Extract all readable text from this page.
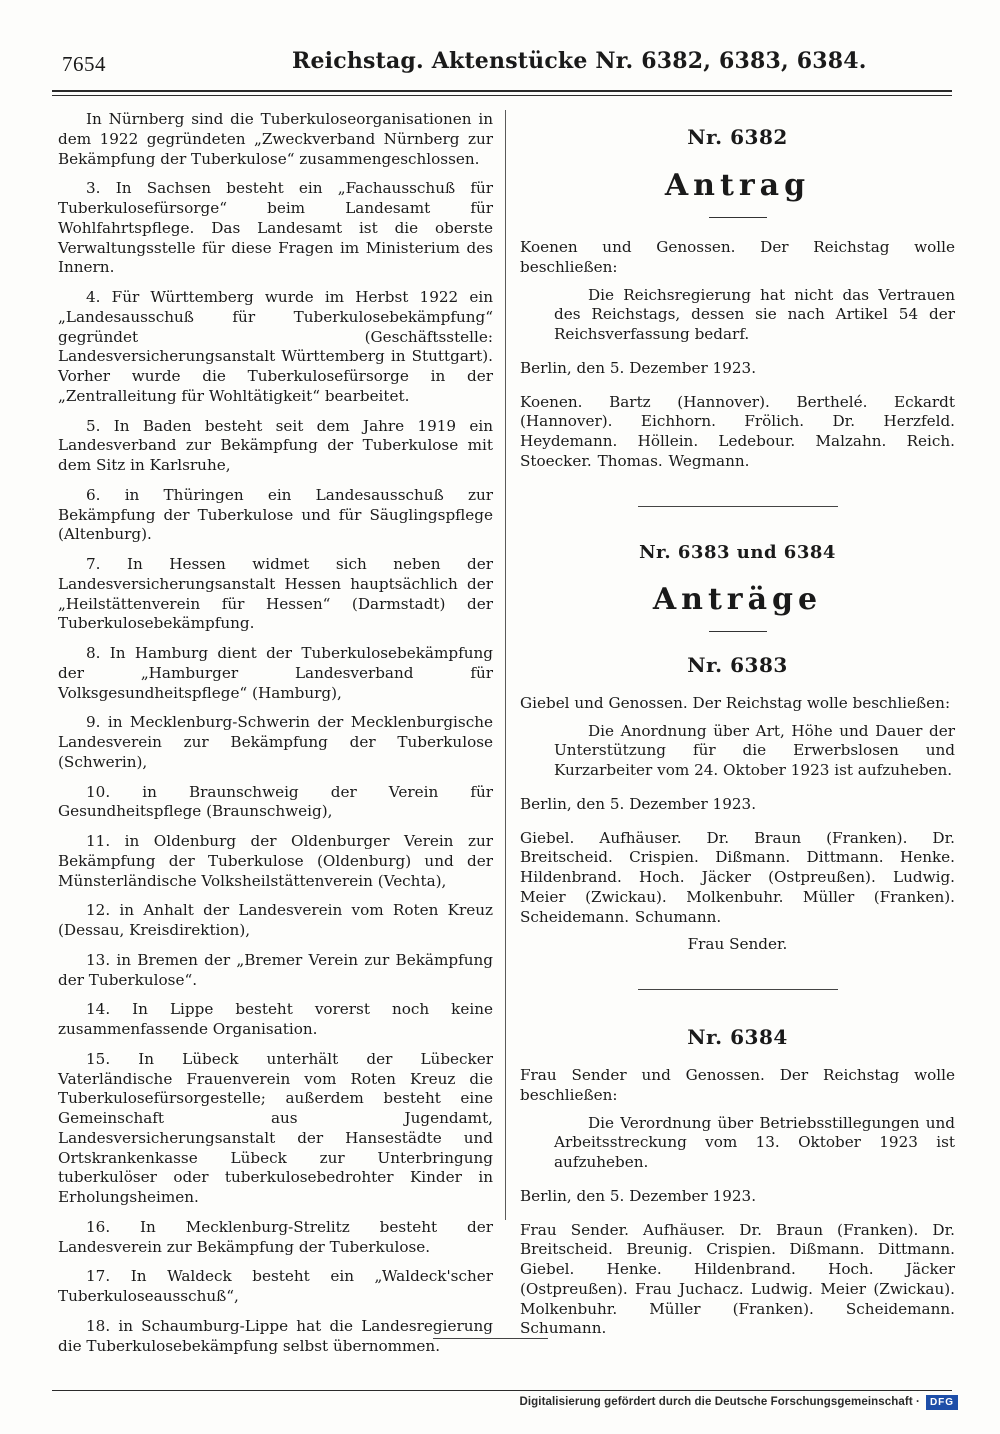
7654	Reichstag. Aktenstücke Nr. 6382, 6383, 6384.

In Nürnberg sind die Tuberkuloseorganisationen in dem 1922 gegründeten „Zweckverband Nürnberg zur Bekämpfung der Tuberkulose“ zusammengeschlossen.

3. In Sachsen besteht ein „Fachausschuß für Tuberkulosefürsorge“ beim Landesamt für Wohlfahrtspflege. Das Landesamt ist die oberste Verwaltungsstelle für diese Fragen im Ministerium des Innern.

4. Für Württemberg wurde im Herbst 1922 ein „Landesausschuß für Tuberkulosebekämpfung“ gegründet (Geschäftsstelle: Landesversicherungsanstalt Württemberg in Stuttgart). Vorher wurde die Tuberkulosefürsorge in der „Zentralleitung für Wohltätigkeit“ bearbeitet.

5. In Baden besteht seit dem Jahre 1919 ein Landesverband zur Bekämpfung der Tuberkulose mit dem Sitz in Karlsruhe,

6. in Thüringen ein Landesausschuß zur Bekämpfung der Tuberkulose und für Säuglingspflege (Altenburg).

7. In Hessen widmet sich neben der Landesversicherungsanstalt Hessen hauptsächlich der „Heilstättenverein für Hessen“ (Darmstadt) der Tuberkulosebekämpfung.

8. In Hamburg dient der Tuberkulosebekämpfung der „Hamburger Landesverband für Volksgesundheitspflege“ (Hamburg),

9. in Mecklenburg-Schwerin der Mecklenburgische Landesverein zur Bekämpfung der Tuberkulose (Schwerin),

10. in Braunschweig der Verein für Gesundheitspflege (Braunschweig),

11. in Oldenburg der Oldenburger Verein zur Bekämpfung der Tuberkulose (Oldenburg) und der Münsterländische Volksheilstättenverein (Vechta),

12. in Anhalt der Landesverein vom Roten Kreuz (Dessau, Kreisdirektion),

13. in Bremen der „Bremer Verein zur Bekämpfung der Tuberkulose“.

14. In Lippe besteht vorerst noch keine zusammenfassende Organisation.

15. In Lübeck unterhält der Lübecker Vaterländische Frauenverein vom Roten Kreuz die Tuberkulosefürsorgestelle; außerdem besteht eine Gemeinschaft aus Jugendamt, Landesversicherungsanstalt der Hansestädte und Ortskrankenkasse Lübeck zur Unterbringung tuberkulöser oder tuberkulosebedrohter Kinder in Erholungsheimen.

16. In Mecklenburg-Strelitz besteht der Landesverein zur Bekämpfung der Tuberkulose.

17. In Waldeck besteht ein „Waldeck'scher Tuberkuloseausschuß“,

18. in Schaumburg-Lippe hat die Landesregierung die Tuberkulosebekämpfung selbst übernommen.

Nr. 6382
Antrag

Koenen und Genossen. Der Reichstag wolle beschließen:

Die Reichsregierung hat nicht das Vertrauen des Reichstags, dessen sie nach Artikel 54 der Reichsverfassung bedarf.

Berlin, den 5. Dezember 1923.

Koenen. Bartz (Hannover). Berthelé. Eckardt (Hannover). Eichhorn. Frölich. Dr. Herzfeld. Heydemann. Höllein. Ledebour. Malzahn. Reich. Stoecker. Thomas. Wegmann.

Nr. 6383 und 6384
Anträge
Nr. 6383

Giebel und Genossen. Der Reichstag wolle beschließen:

Die Anordnung über Art, Höhe und Dauer der Unterstützung für die Erwerbslosen und Kurzarbeiter vom 24. Oktober 1923 ist aufzuheben.

Berlin, den 5. Dezember 1923.

Giebel. Aufhäuser. Dr. Braun (Franken). Dr. Breitscheid. Crispien. Dißmann. Dittmann. Henke. Hildenbrand. Hoch. Jäcker (Ostpreußen). Ludwig. Meier (Zwickau). Molkenbuhr. Müller (Franken). Scheidemann. Schumann.

Frau Sender.

Nr. 6384

Frau Sender und Genossen. Der Reichstag wolle beschließen:

Die Verordnung über Betriebsstillegungen und Arbeitsstreckung vom 13. Oktober 1923 ist aufzuheben.

Berlin, den 5. Dezember 1923.

Frau Sender. Aufhäuser. Dr. Braun (Franken). Dr. Breitscheid. Breunig. Crispien. Dißmann. Dittmann. Giebel. Henke. Hildenbrand. Hoch. Jäcker (Ostpreußen). Frau Juchacz. Ludwig. Meier (Zwickau). Molkenbuhr. Müller (Franken). Scheidemann. Schumann.

Digitalisierung gefördert durch die Deutsche Forschungsgemeinschaft · DFG
